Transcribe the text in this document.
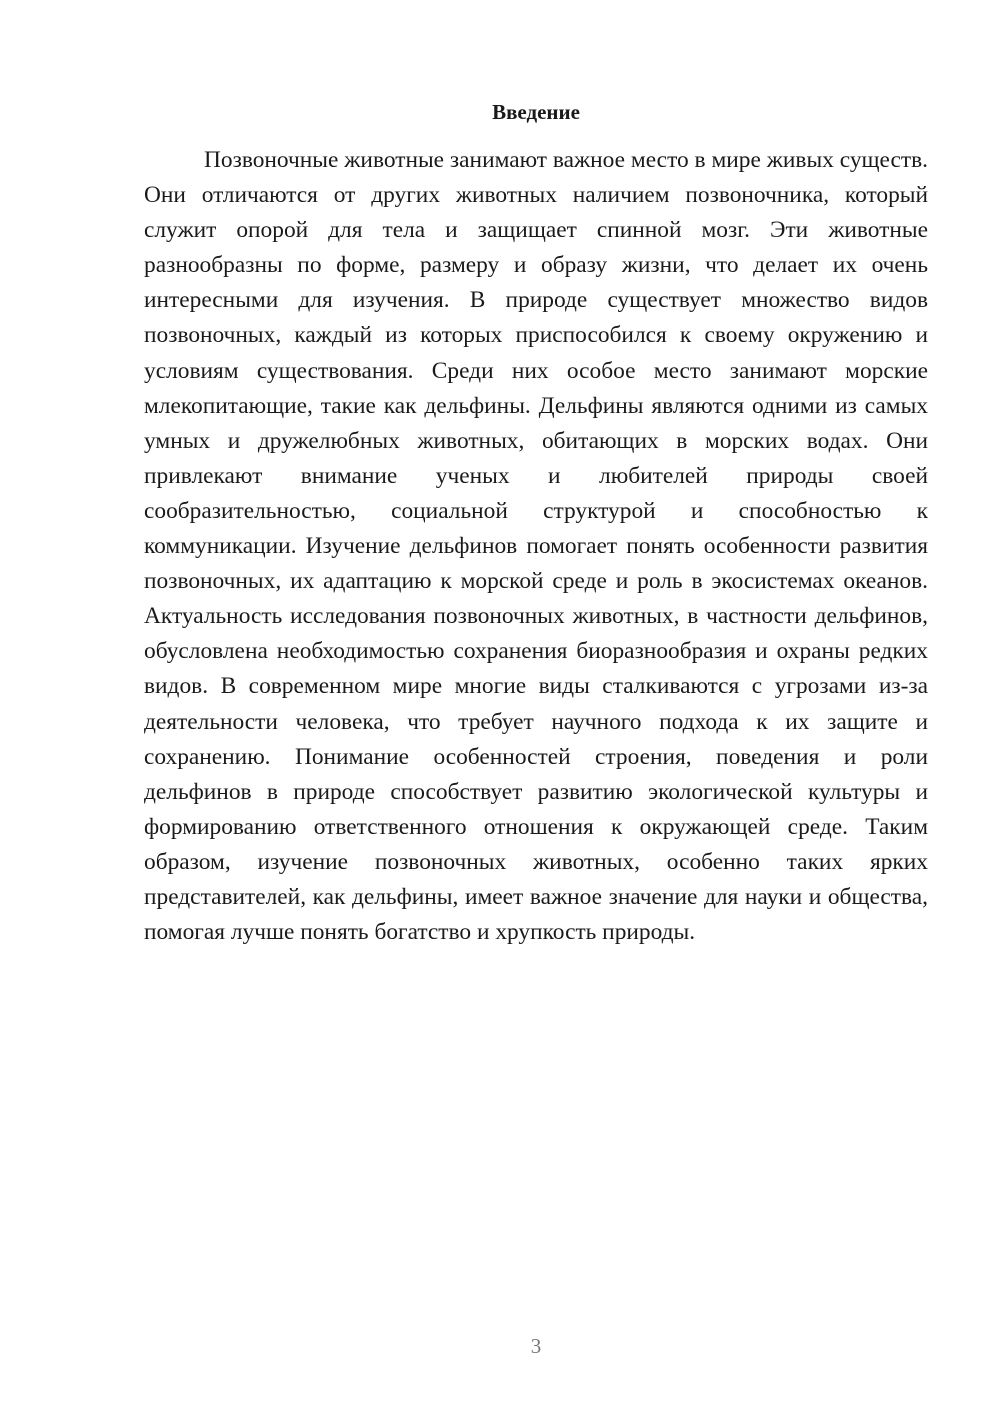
Введение

Позвоночные животные занимают важное место в мире живых существ. Они отличаются от других животных наличием позвоночника, который служит опорой для тела и защищает спинной мозг. Эти животные разнообразны по форме, размеру и образу жизни, что делает их очень интересными для изучения. В природе существует множество видов позвоночных, каждый из которых приспособился к своему окружению и условиям существования. Среди них особое место занимают морские млекопитающие, такие как дельфины. Дельфины являются одними из самых умных и дружелюбных животных, обитающих в морских водах. Они привлекают внимание ученых и любителей природы своей сообразительностью, социальной структурой и способностью к коммуникации. Изучение дельфинов помогает понять особенности развития позвоночных, их адаптацию к морской среде и роль в экосистемах океанов. Актуальность исследования позвоночных животных, в частности дельфинов, обусловлена необходимостью сохранения биоразнообразия и охраны редких видов. В современном мире многие виды сталкиваются с угрозами из-за деятельности человека, что требует научного подхода к их защите и сохранению. Понимание особенностей строения, поведения и роли дельфинов в природе способствует развитию экологической культуры и формированию ответственного отношения к окружающей среде. Таким образом, изучение позвоночных животных, особенно таких ярких представителей, как дельфины, имеет важное значение для науки и общества, помогая лучше понять богатство и хрупкость природы.

3
